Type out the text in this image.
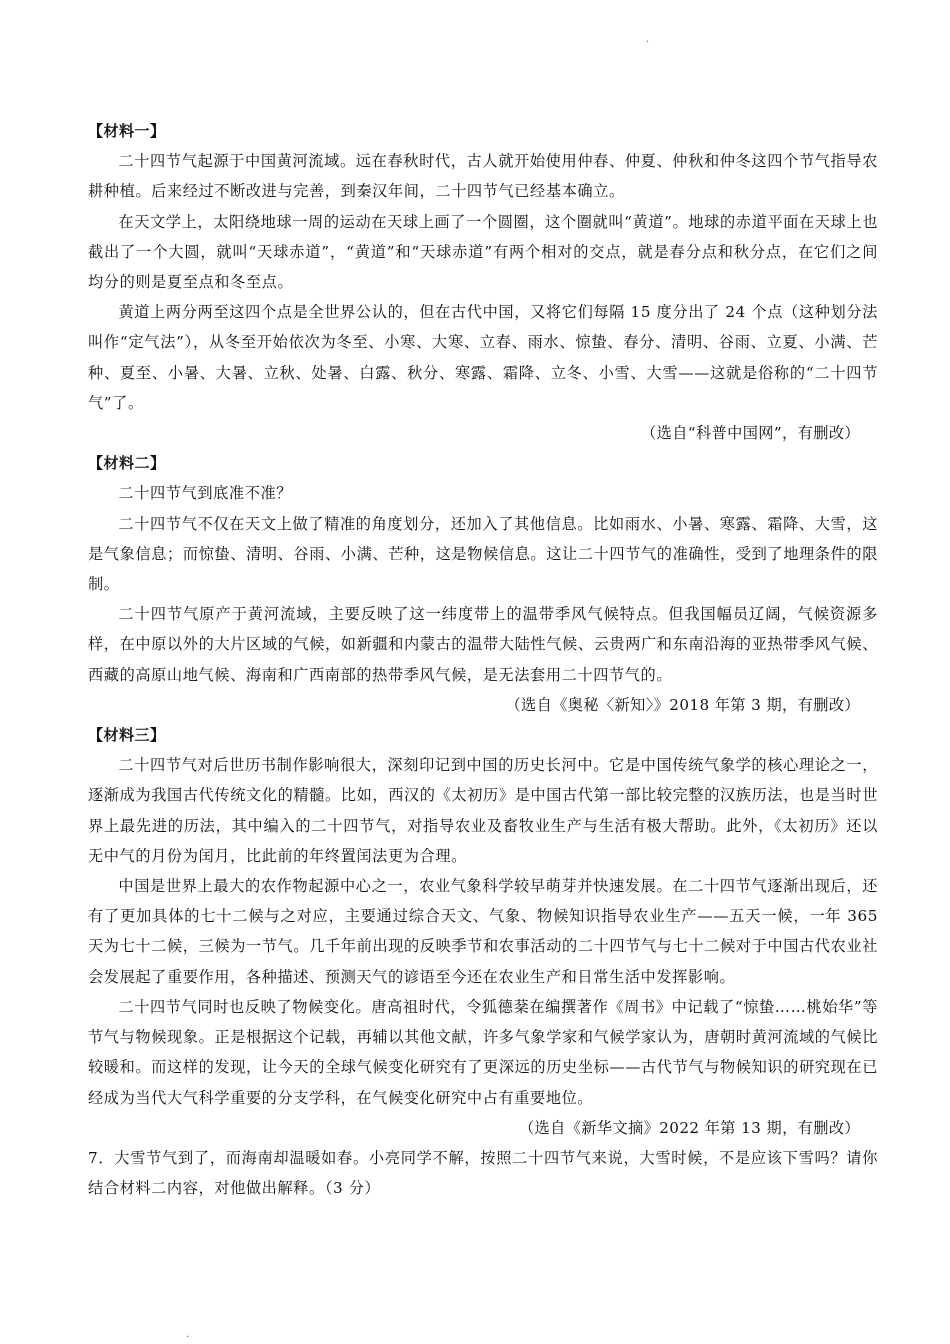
·

【材料一】

二十四节气起源于中国黄河流域。远在春秋时代，古人就开始使用仲春、仲夏、仲秋和仲冬这四个节气指导农耕种植。后来经过不断改进与完善，到秦汉年间，二十四节气已经基本确立。

在天文学上，太阳绕地球一周的运动在天球上画了一个圆圈，这个圈就叫“黄道”。地球的赤道平面在天球上也截出了一个大圆，就叫“天球赤道”，“黄道”和“天球赤道”有两个相对的交点，就是春分点和秋分点，在它们之间均分的则是夏至点和冬至点。

黄道上两分两至这四个点是全世界公认的，但在古代中国，又将它们每隔 15 度分出了 24 个点（这种划分法叫作“定气法”），从冬至开始依次为冬至、小寒、大寒、立春、雨水、惊蛰、春分、清明、谷雨、立夏、小满、芒种、夏至、小暑、大暑、立秋、处暑、白露、秋分、寒露、霜降、立冬、小雪、大雪——这就是俗称的“二十四节气”了。

（选自“科普中国网”，有删改）

【材料二】

二十四节气到底准不准？

二十四节气不仅在天文上做了精准的角度划分，还加入了其他信息。比如雨水、小暑、寒露、霜降、大雪，这是气象信息；而惊蛰、清明、谷雨、小满、芒种，这是物候信息。这让二十四节气的准确性，受到了地理条件的限制。

二十四节气原产于黄河流域，主要反映了这一纬度带上的温带季风气候特点。但我国幅员辽阔，气候资源多样，在中原以外的大片区域的气候，如新疆和内蒙古的温带大陆性气候、云贵两广和东南沿海的亚热带季风气候、西藏的高原山地气候、海南和广西南部的热带季风气候，是无法套用二十四节气的。

（选自《奥秘〈新知〉》2018 年第 3 期，有删改）

【材料三】

二十四节气对后世历书制作影响很大，深刻印记到中国的历史长河中。它是中国传统气象学的核心理论之一，逐渐成为我国古代传统文化的精髓。比如，西汉的《太初历》是中国古代第一部比较完整的汉族历法，也是当时世界上最先进的历法，其中编入的二十四节气，对指导农业及畜牧业生产与生活有极大帮助。此外，《太初历》还以无中气的月份为闰月，比此前的年终置闰法更为合理。

中国是世界上最大的农作物起源中心之一，农业气象科学较早萌芽并快速发展。在二十四节气逐渐出现后，还有了更加具体的七十二候与之对应，主要通过综合天文、气象、物候知识指导农业生产——五天一候，一年 365 天为七十二候，三候为一节气。几千年前出现的反映季节和农事活动的二十四节气与七十二候对于中国古代农业社会发展起了重要作用，各种描述、预测天气的谚语至今还在农业生产和日常生活中发挥影响。

二十四节气同时也反映了物候变化。唐高祖时代，令狐德棻在编撰著作《周书》中记载了“惊蛰……桃始华”等节气与物候现象。正是根据这个记载，再辅以其他文献，许多气象学家和气候学家认为，唐朝时黄河流域的气候比较暖和。而这样的发现，让今天的全球气候变化研究有了更深远的历史坐标——古代节气与物候知识的研究现在已经成为当代大气科学重要的分支学科，在气候变化研究中占有重要地位。

（选自《新华文摘》2022 年第 13 期，有删改）

7．大雪节气到了，而海南却温暖如春。小亮同学不解，按照二十四节气来说，大雪时候，不是应该下雪吗？请你结合材料二内容，对他做出解释。（3 分）

.
